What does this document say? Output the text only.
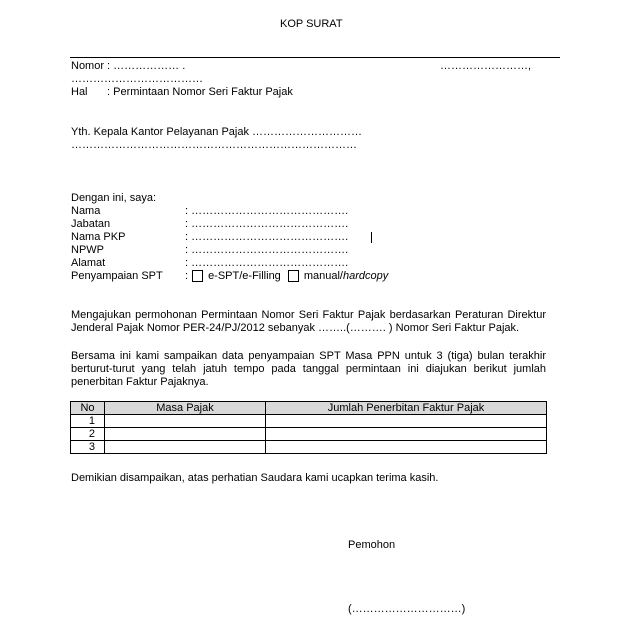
KOP SURAT
Nomor : ……………… .	……………………,
………………………………
Hal : Permintaan Nomor Seri Faktur Pajak
Yth. Kepala Kantor Pelayanan Pajak …………………………
……………………………………………………………………
Dengan ini, saya:
Nama	: …………………………………….
Jabatan	: …………………………………….
Nama PKP	: …………………………………….
NPWP	: …………………………………….
Alamat	: …………………………………….
Penyampaian SPT : e-SPT/e-Filling manual/hardcopy
Mengajukan permohonan Permintaan Nomor Seri Faktur Pajak berdasarkan Peraturan Direktur Jenderal Pajak Nomor PER-24/PJ/2012 sebanyak ……..(………. ) Nomor Seri Faktur Pajak.
Bersama ini kami sampaikan data penyampaian SPT Masa PPN untuk 3 (tiga) bulan terakhir berturut-turut yang telah jatuh tempo pada tanggal permintaan ini diajukan berikut jumlah penerbitan Faktur Pajaknya.
No	Masa Pajak	Jumlah Penerbitan Faktur Pajak
1		
2		
3		
Demikian disampaikan, atas perhatian Saudara kami ucapkan terima kasih.
Pemohon
(…………………………)
